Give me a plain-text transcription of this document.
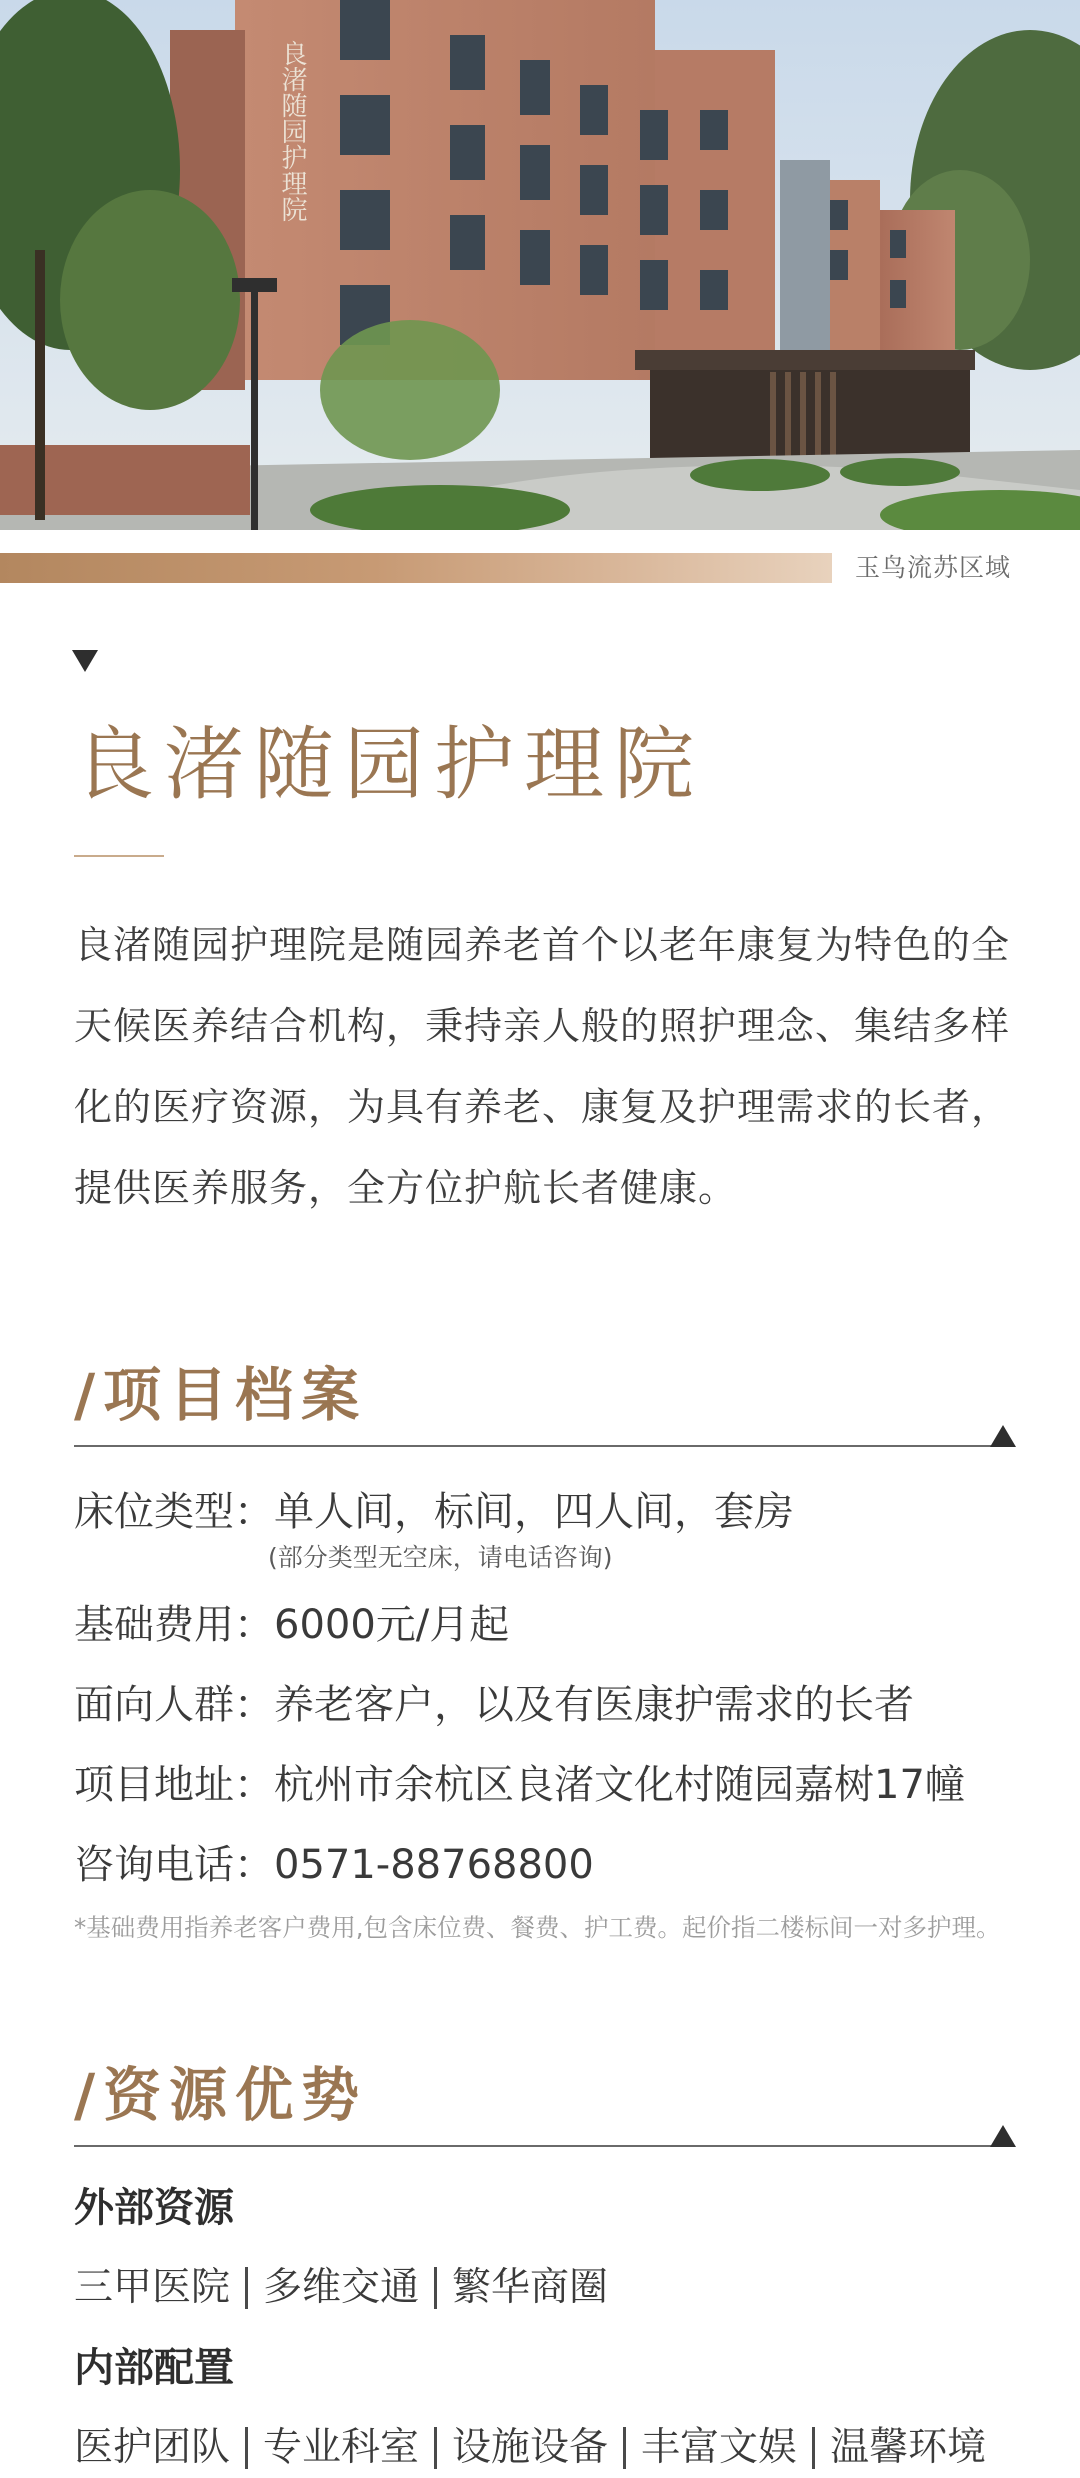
良渚随园护理院
玉鸟流苏区域
良渚随园护理院

良渚随园护理院是随园养老首个以老年康复为特色的全天候医养结合机构，秉持亲人般的照护理念、集结多样化的医疗资源，为具有养老、康复及护理需求的长者，提供医养服务，全方位护航长者健康。

/项目档案
床位类型：单人间，标间，四人间，套房
(部分类型无空床，请电话咨询)
基础费用：6000元/月起
面向人群：养老客户，以及有医康护需求的长者
项目地址：杭州市余杭区良渚文化村随园嘉树17幢
咨询电话：0571-88768800
*基础费用指养老客户费用,包含床位费、餐费、护工费。起价指二楼标间一对多护理。
/资源优势
外部资源
三甲医院 多维交通 繁华商圈
内部配置
医护团队 专业科室 设施设备 丰富文娱 温馨环境
